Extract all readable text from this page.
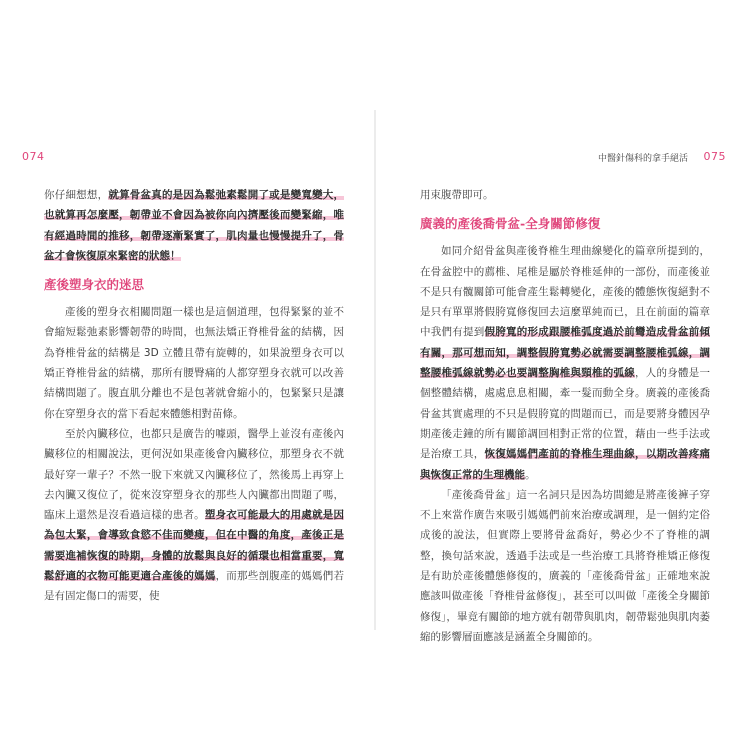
074

你仔細想想，就算骨盆真的是因為鬆弛素鬆開了或是變寬變大，也就算再怎麼壓，韌帶並不會因為被你向內擠壓後而變緊縮，唯有經過時間的推移，韌帶逐漸緊實了，肌肉量也慢慢提升了，骨盆才會恢復原來緊密的狀態！

產後塑身衣的迷思

產後的塑身衣相關問題一樣也是這個道理，包得緊緊的並不會縮短鬆弛素影響韌帶的時間，也無法矯正脊椎骨盆的結構，因為脊椎骨盆的結構是 3D 立體且帶有旋轉的，如果說塑身衣可以矯正脊椎骨盆的結構，那所有腰臀痛的人都穿塑身衣就可以改善結構問題了。腹直肌分離也不是包著就會縮小的，包緊緊只是讓你在穿塑身衣的當下看起來體態相對苗條。

至於內臟移位，也都只是廣告的噱頭，醫學上並沒有產後內臟移位的相關說法，更何況如果產後會內臟移位，那塑身衣不就最好穿一輩子？不然一脫下來就又內臟移位了，然後馬上再穿上去內臟又復位了，從來沒穿塑身衣的那些人內臟都出問題了嗎，臨床上還然是沒看過這樣的患者。塑身衣可能最大的用處就是因為包太緊，會導致食慾不佳而變瘦，但在中醫的角度，產後正是需要進補恢復的時期，身體的放鬆與良好的循環也相當重要，寬鬆舒適的衣物可能更適合產後的媽媽，而那些剖腹產的媽媽們若是有固定傷口的需要，使

中醫針傷科的拿手絕活 075

用束腹帶即可。

廣義的產後喬骨盆-全身關節修復

如同介紹骨盆與產後脊椎生理曲線變化的篇章所提到的，在骨盆腔中的薦椎、尾椎是屬於脊椎延伸的一部份，而產後並不是只有髖關節可能會產生鬆轉變化，產後的體態恢復絕對不是只有單單將假胯寬修復回去這麼單純而已，且在前面的篇章中我們有提到假胯寬的形成跟腰椎弧度過於前彎造成骨盆前傾有關，那可想而知，調整假胯寬勢必就需要調整腰椎弧線，調整腰椎弧線就勢必也要調整胸椎與頸椎的弧線，人的身體是一個整體結構，處處息息相關，牽一髮而動全身。廣義的產後喬骨盆其實處理的不只是假胯寬的問題而已，而是要將身體因孕期產後走鐘的所有關節調回相對正常的位置，藉由一些手法或是治療工具，恢復媽媽們產前的脊椎生理曲線，以期改善疼痛與恢復正常的生理機能。

「產後喬骨盆」這一名詞只是因為坊間總是將產後褲子穿不上來當作廣告來吸引媽媽們前來治療或調理，是一個約定俗成後的說法，但實際上要將骨盆喬好，勢必少不了脊椎的調整，換句話來說，透過手法或是一些治療工具將脊椎矯正修復是有助於產後體態修復的，廣義的「產後喬骨盆」正確地來說應該叫做產後「脊椎骨盆修復」，甚至可以叫做「產後全身關節修復」，畢竟有關節的地方就有韌帶與肌肉，韌帶鬆弛與肌肉萎縮的影響層面應該是涵蓋全身關節的。
